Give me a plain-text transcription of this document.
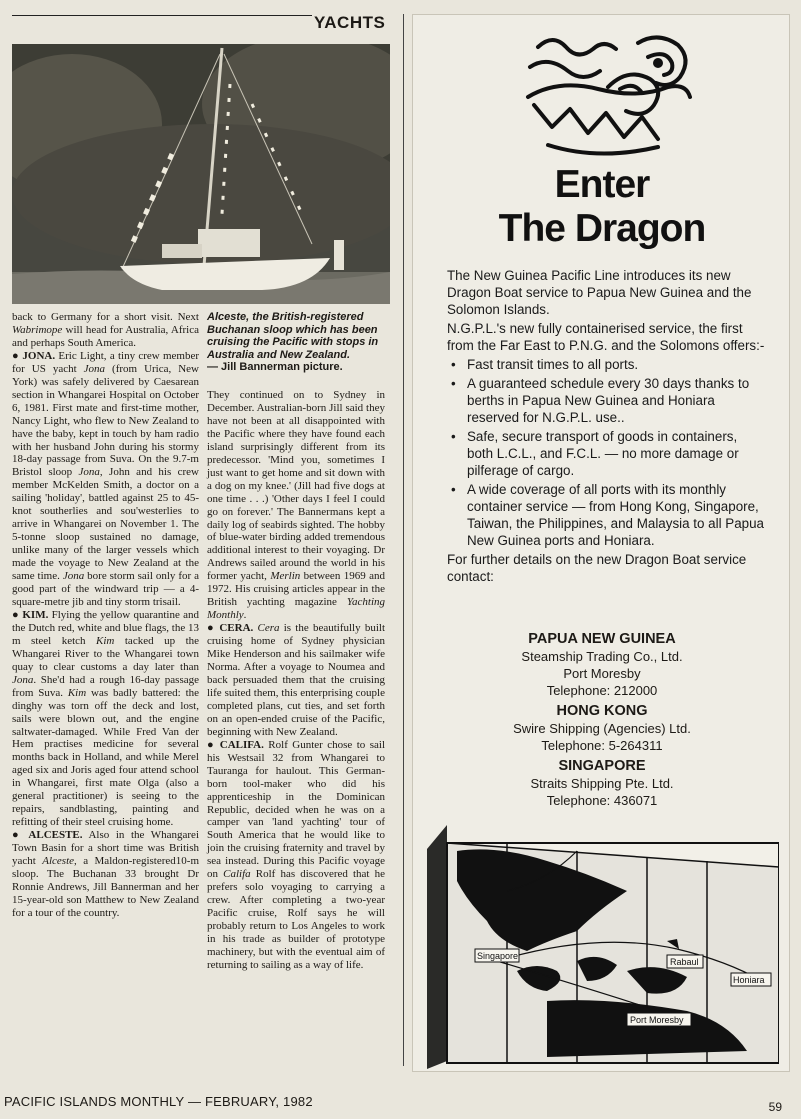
YACHTS

Alceste, the British-registered Buchanan sloop which has been cruising the Pacific with stops in Australia and New Zealand.

— Jill Bannerman picture.

back to Germany for a short visit. Next Wabrimope will head for Australia, Africa and perhaps South America.

● JONA. Eric Light, a tiny crew member for US yacht Jona (from Urica, New York) was safely delivered by Caesarean section in Whangarei Hospital on October 6, 1981. First mate and first-time mother, Nancy Light, who flew to New Zealand to have the baby, kept in touch by ham radio with her husband John during his stormy 18-day passage from Suva. On the 9.7-m Bristol sloop Jona, John and his crew member McKelden Smith, a doctor on a sailing 'holiday', battled against 25 to 45-knot southerlies and sou'westerlies to arrive in Whangarei on November 1. The 5-tonne sloop sustained no damage, unlike many of the larger vessels which made the voyage to New Zealand at the same time. Jona bore storm sail only for a good part of the windward trip — a 4-square-metre jib and tiny storm trisail.

● KIM. Flying the yellow quarantine and the Dutch red, white and blue flags, the 13 m steel ketch Kim tacked up the Whangarei River to the Whangarei town quay to clear customs a day later than Jona. She'd had a rough 16-day passage from Suva. Kim was badly battered: the dinghy was torn off the deck and lost, sails were blown out, and the engine saltwater-damaged. While Fred Van der Hem practises medicine for several months back in Holland, and while Merel aged six and Joris aged four attend school in Whangarei, first mate Olga (also a general practitioner) is seeing to the repairs, sandblasting, painting and refitting of their steel cruising home.

● ALCESTE. Also in the Whangarei Town Basin for a short time was British yacht Alceste, a Maldon-registered10-m sloop. The Buchanan 33 brought Dr Ronnie Andrews, Jill Bannerman and her 15-year-old son Matthew to New Zealand for a tour of the country.

They continued on to Sydney in December. Australian-born Jill said they have not been at all disappointed with the Pacific where they have found each island surprisingly different from its predecessor. 'Mind you, sometimes I just want to get home and sit down with a dog on my knee.' (Jill had five dogs at one time . . .) 'Other days I feel I could go on forever.' The Bannermans kept a daily log of seabirds sighted. The hobby of blue-water birding added tremendous additional interest to their voyaging. Dr Andrews sailed around the world in his former yacht, Merlin between 1969 and 1972. His cruising articles appear in the British yachting magazine Yachting Monthly.

● CERA. Cera is the beautifully built cruising home of Sydney physician Mike Henderson and his sailmaker wife Norma. After a voyage to Noumea and back persuaded them that the cruising life suited them, this enterprising couple completed plans, cut ties, and set forth on an open-ended cruise of the Pacific, beginning with New Zealand.

● CALIFA. Rolf Gunter chose to sail his Westsail 32 from Whangarei to Tauranga for haulout. This German-born tool-maker who did his apprenticeship in the Dominican Republic, decided when he was on a camper van 'land yachting' tour of South America that he would like to join the cruising fraternity and travel by sea instead. During this Pacific voyage on Califa Rolf has discovered that he prefers solo voyaging to carrying a crew. After completing a two-year Pacific cruise, Rolf says he will probably return to Los Angeles to work in his trade as builder of prototype machinery, but with the eventual aim of returning to sailing as a way of life.

Enter
The Dragon

The New Guinea Pacific Line introduces its new Dragon Boat service to Papua New Guinea and the Solomon Islands.

N.G.P.L.'s new fully containerised service, the first from the Far East to P.N.G. and the Solomons offers:-

• Fast transit times to all ports.
• A guaranteed schedule every 30 days thanks to berths in Papua New Guinea and Honiara reserved for N.G.P.L. use..
• Safe, secure transport of goods in containers, both L.C.L., and F.C.L. — no more damage or pilferage of cargo.
• A wide coverage of all ports with its monthly container service — from Hong Kong, Singapore, Taiwan, the Philippines, and Malaysia to all Papua New Guinea ports and Honiara.

For further details on the new Dragon Boat service contact:

PAPUA NEW GUINEA
Steamship Trading Co., Ltd.
Port Moresby
Telephone: 212000
HONG KONG
Swire Shipping (Agencies) Ltd.
Telephone: 5-264311
SINGAPORE
Straits Shipping Pte. Ltd.
Telephone: 436071
Singapore
Rabaul
Honiara
Port Moresby
PACIFIC ISLANDS MONTHLY — FEBRUARY, 1982	59
